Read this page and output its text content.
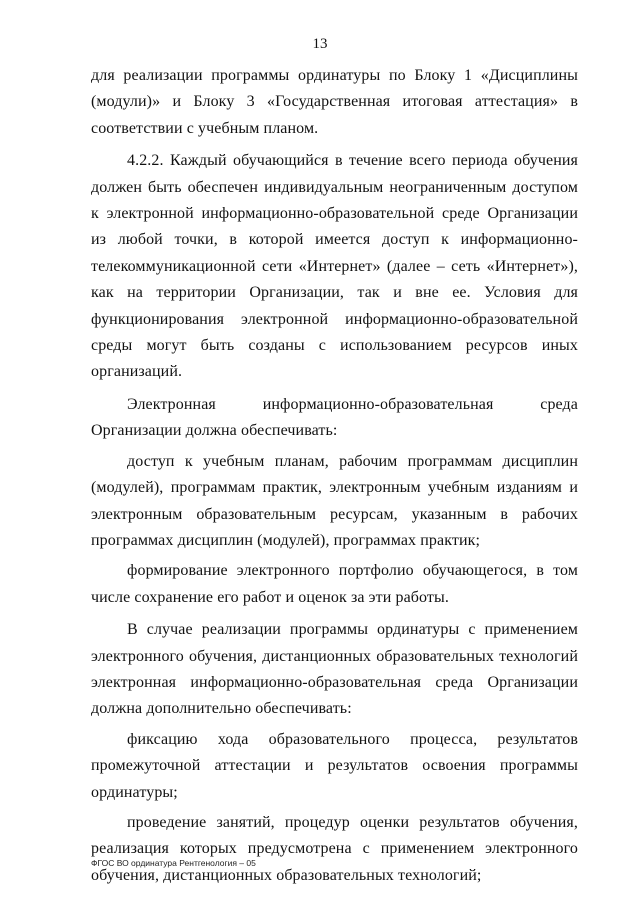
13

для реализации программы ординатуры по Блоку 1 «Дисциплины (модули)» и Блоку 3 «Государственная итоговая аттестация» в соответствии с учебным планом.

4.2.2. Каждый обучающийся в течение всего периода обучения должен быть обеспечен индивидуальным неограниченным доступом к электронной информационно-образовательной среде Организации из любой точки, в которой имеется доступ к информационно-телекоммуникационной сети «Интернет» (далее – сеть «Интернет»), как на территории Организации, так и вне ее. Условия для функционирования электронной информационно-образовательной среды могут быть созданы с использованием ресурсов иных организаций.

Электронная информационно-образовательная среда Организации должна обеспечивать:

доступ к учебным планам, рабочим программам дисциплин (модулей), программам практик, электронным учебным изданиям и электронным образовательным ресурсам, указанным в рабочих программах дисциплин (модулей), программах практик;

формирование электронного портфолио обучающегося, в том числе сохранение его работ и оценок за эти работы.

В случае реализации программы ординатуры с применением электронного обучения, дистанционных образовательных технологий электронная информационно-образовательная среда Организации должна дополнительно обеспечивать:

фиксацию хода образовательного процесса, результатов промежуточной аттестации и результатов освоения программы ординатуры;

проведение занятий, процедур оценки результатов обучения, реализация которых предусмотрена с применением электронного обучения, дистанционных образовательных технологий;

ФГОС ВО ординатура Рентгенология – 05
